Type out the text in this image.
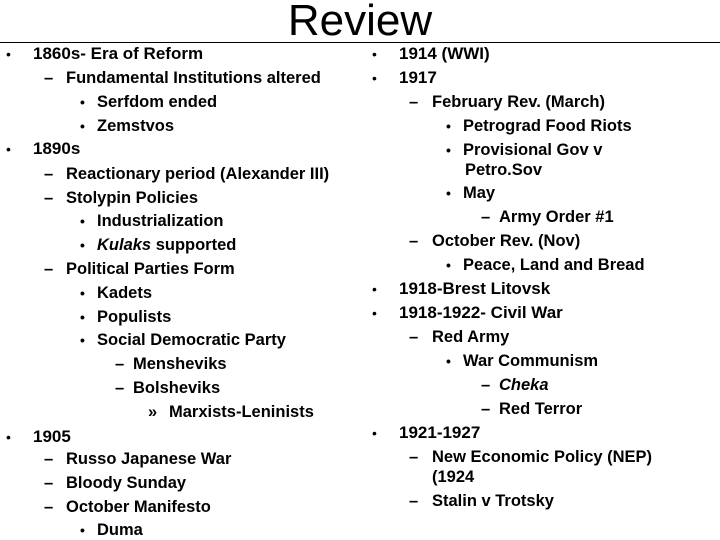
Review
• 1860s- Era of Reform
– Fundamental Institutions altered
• Serfdom ended
• Zemstvos
• 1890s
– Reactionary period (Alexander III)
– Stolypin Policies
• Industrialization
• Kulaks supported
– Political Parties Form
• Kadets
• Populists
• Social Democratic Party
– Mensheviks
– Bolsheviks
» Marxists-Leninists
• 1905
– Russo Japanese War
– Bloody Sunday
– October Manifesto
• Duma
• 1914 (WWI)
• 1917
– February Rev. (March)
• Petrograd Food Riots
• Provisional Gov v
Petro.Sov
• May
– Army Order #1
– October Rev. (Nov)
• Peace, Land and Bread
• 1918-Brest Litovsk
• 1918-1922- Civil War
– Red Army
• War Communism
– Cheka
– Red Terror
• 1921-1927
– New Economic Policy (NEP)
(1924
– Stalin v Trotsky
